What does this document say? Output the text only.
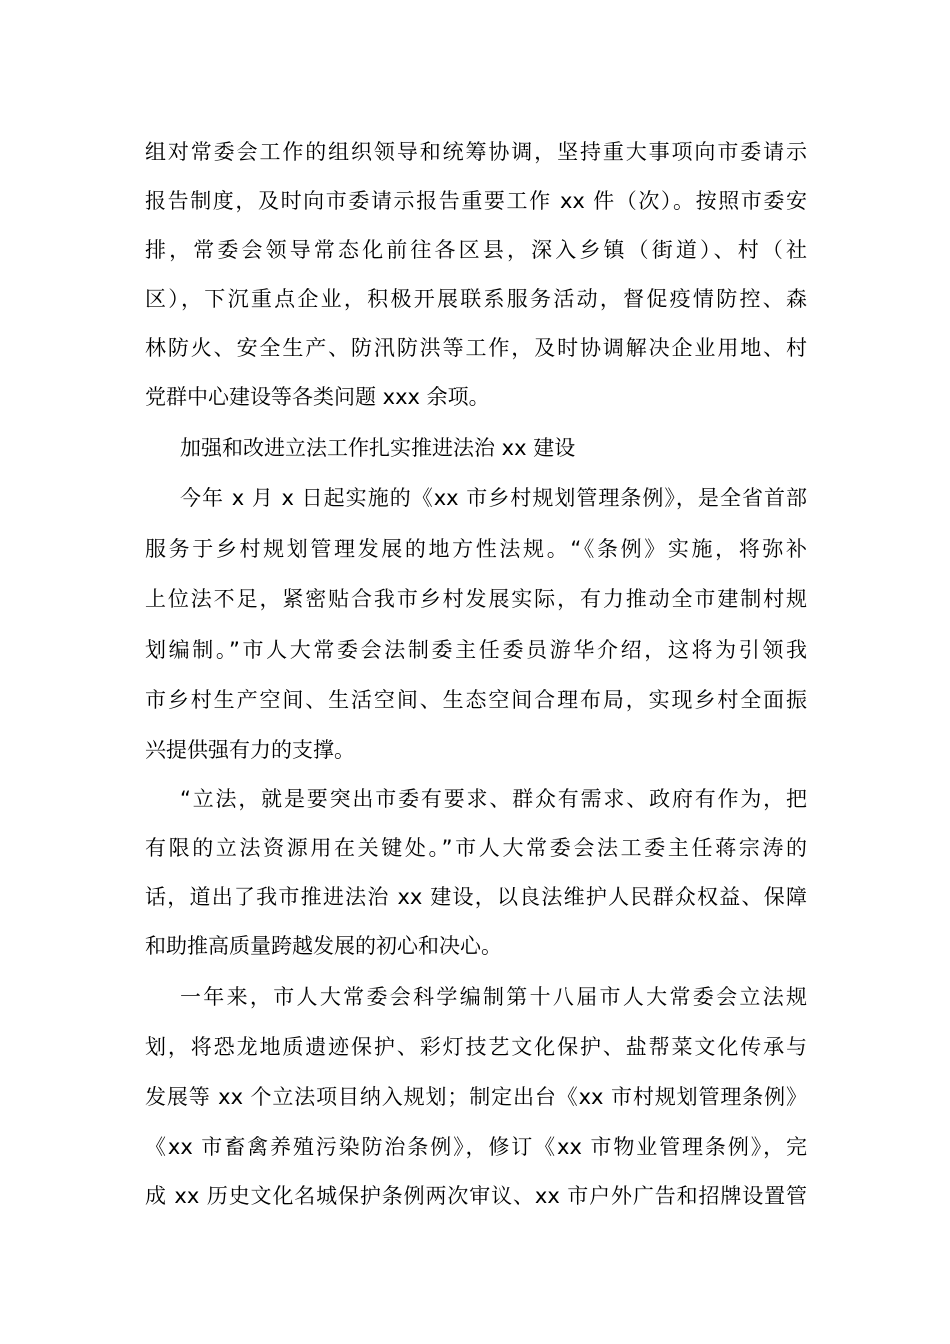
组对常委会工作的组织领导和统筹协调，坚持重大事项向市委请示
报告制度，及时向市委请示报告重要工作 xx 件（次）。按照市委安
排，常委会领导常态化前往各区县，深入乡镇（街道）、村（社
区），下沉重点企业，积极开展联系服务活动，督促疫情防控、森
林防火、安全生产、防汛防洪等工作，及时协调解决企业用地、村
党群中心建设等各类问题 xxx 余项。
加强和改进立法工作扎实推进法治 xx 建设
今年 x 月 x 日起实施的《xx 市乡村规划管理条例》，是全省首部
服务于乡村规划管理发展的地方性法规。“《条例》实施，将弥补
上位法不足，紧密贴合我市乡村发展实际，有力推动全市建制村规
划编制。”市人大常委会法制委主任委员游华介绍，这将为引领我
市乡村生产空间、生活空间、生态空间合理布局，实现乡村全面振
兴提供强有力的支撑。
“立法，就是要突出市委有要求、群众有需求、政府有作为，把
有限的立法资源用在关键处。”市人大常委会法工委主任蒋宗涛的
话，道出了我市推进法治 xx 建设，以良法维护人民群众权益、保障
和助推高质量跨越发展的初心和决心。
一年来，市人大常委会科学编制第十八届市人大常委会立法规
划，将恐龙地质遗迹保护、彩灯技艺文化保护、盐帮菜文化传承与
发展等 xx 个立法项目纳入规划；制定出台《xx 市村规划管理条例》
《xx 市畜禽养殖污染防治条例》，修订《xx 市物业管理条例》，完
成 xx 历史文化名城保护条例两次审议、xx 市户外广告和招牌设置管
